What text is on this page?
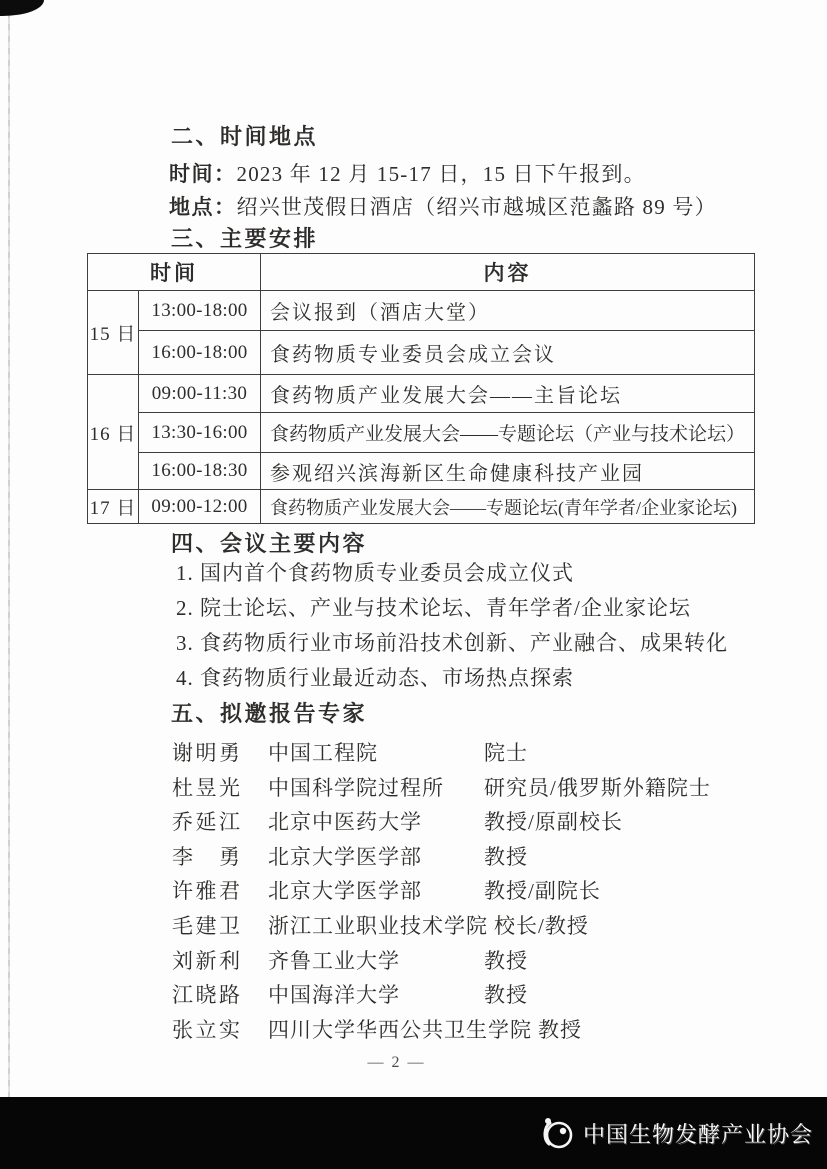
二、时间地点

时间：2023 年 12 月 15-17 日，15 日下午报到。

地点：绍兴世茂假日酒店（绍兴市越城区范蠡路 89 号）

三、主要安排
时间		内容
15 日	13:00-18:00	会议报到（酒店大堂）
	16:00-18:00	食药物质专业委员会成立会议
16 日	09:00-11:30	食药物质产业发展大会——主旨论坛
	13:30-16:00	食药物质产业发展大会——专题论坛（产业与技术论坛）
	16:00-18:30	参观绍兴滨海新区生命健康科技产业园
17 日	09:00-12:00	食药物质产业发展大会——专题论坛(青年学者/企业家论坛)
四、会议主要内容

1. 国内首个食药物质专业委员会成立仪式

2. 院士论坛、产业与技术论坛、青年学者/企业家论坛

3. 食药物质行业市场前沿技术创新、产业融合、成果转化

4. 食药物质行业最近动态、市场热点探索

五、拟邀报告专家
谢明勇	中国工程院	院士
杜昱光	中国科学院过程所	研究员/俄罗斯外籍院士
乔延江	北京中医药大学	教授/原副校长
李　勇	北京大学医学部	教授
许雅君	北京大学医学部	教授/副院长
毛建卫	浙江工业职业技术学院 校长/教授
刘新利	齐鲁工业大学	教授
江晓路	中国海洋大学	教授
张立实	四川大学华西公共卫生学院 教授
— 2 —
中国生物发酵产业协会
